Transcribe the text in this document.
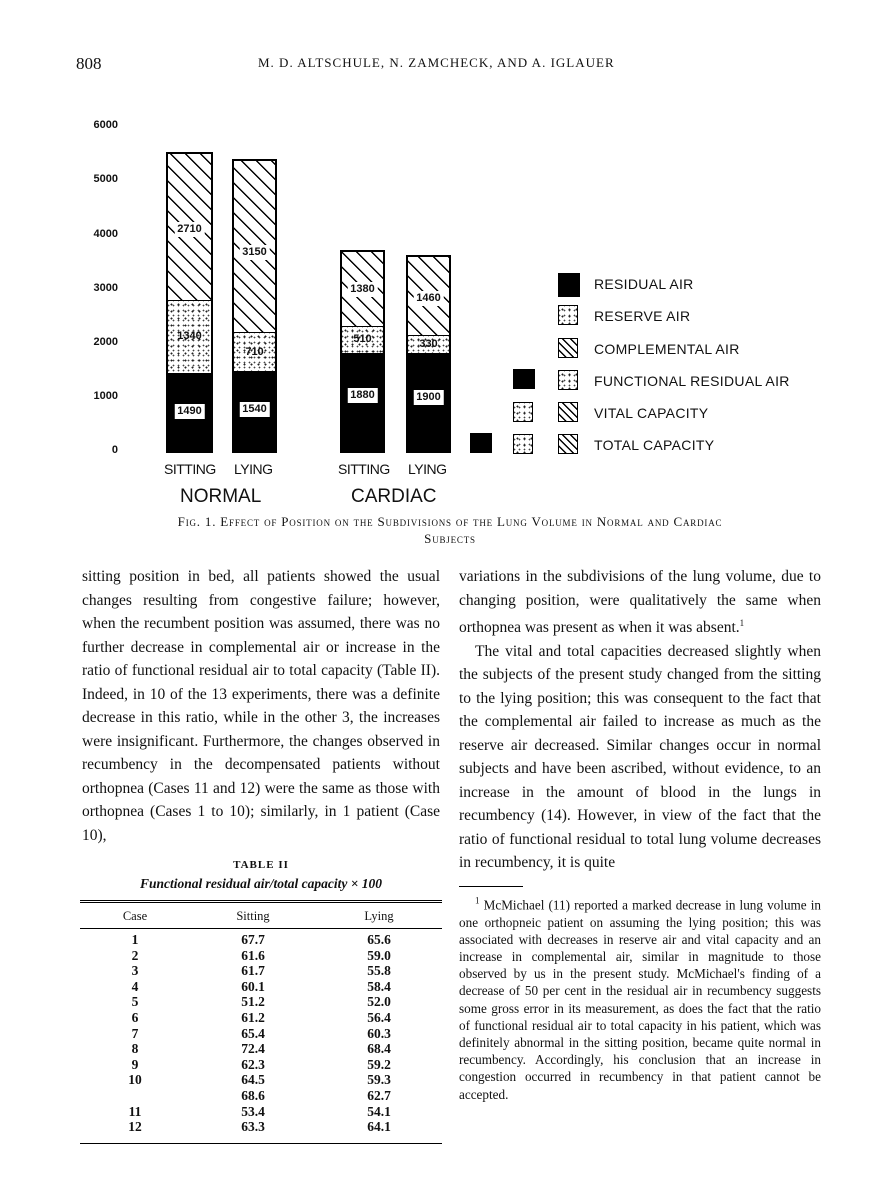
808	M. D. ALTSCHULE, N. ZAMCHECK, AND A. IGLAUER
6000
5000
4000
3000
2000
1000
0
2710
1340
1490
3150
710
1540
1380
510
1880
1460
330
1900
SITTING LYING
NORMAL
SITTING LYING
CARDIAC
RESIDUAL AIR
RESERVE AIR
COMPLEMENTAL AIR
FUNCTIONAL RESIDUAL AIR
VITAL CAPACITY
TOTAL CAPACITY
Fig. 1. Effect of Position on the Subdivisions of the Lung Volume in Normal and Cardiac
Subjects

sitting position in bed, all patients showed the usual changes resulting from congestive failure; however, when the recumbent position was assumed, there was no further decrease in complemental air or increase in the ratio of functional residual air to total capacity (Table II). Indeed, in 10 of the 13 experiments, there was a definite decrease in this ratio, while in the other 3, the increases were insignificant. Furthermore, the changes observed in recumbency in the decompensated patients without orthopnea (Cases 11 and 12) were the same as those with orthopnea (Cases 1 to 10); similarly, in 1 patient (Case 10),

TABLE II
Functional residual air/total capacity × 100
Case	Sitting	Lying
1	67.7	65.6
2	61.6	59.0
3	61.7	55.8
4	60.1	58.4
5	51.2	52.0
6	61.2	56.4
7	65.4	60.3
8	72.4	68.4
9	62.3	59.2
10	64.5	59.3
	68.6	62.7
11	53.4	54.1
12	63.3	64.1

variations in the subdivisions of the lung volume, due to changing position, were qualitatively the same when orthopnea was present as when it was absent.$^1$

The vital and total capacities decreased slightly when the subjects of the present study changed from the sitting to the lying position; this was consequent to the fact that the complemental air failed to increase as much as the reserve air decreased. Similar changes occur in normal subjects and have been ascribed, without evidence, to an increase in the amount of blood in the lungs in recumbency (14). However, in view of the fact that the ratio of functional residual to total lung volume decreases in recumbency, it is quite

$^1$ McMichael (11) reported a marked decrease in lung volume in one orthopneic patient on assuming the lying position; this was associated with decreases in reserve air and vital capacity and an increase in complemental air, similar in magnitude to those observed by us in the present study. McMichael's finding of a decrease of 50 per cent in the residual air in recumbency suggests some gross error in its measurement, as does the fact that the ratio of functional residual air to total capacity in his patient, which was definitely abnormal in the sitting position, became quite normal in recumbency. Accordingly, his conclusion that an increase in congestion occurred in recumbency in that patient cannot be accepted.
